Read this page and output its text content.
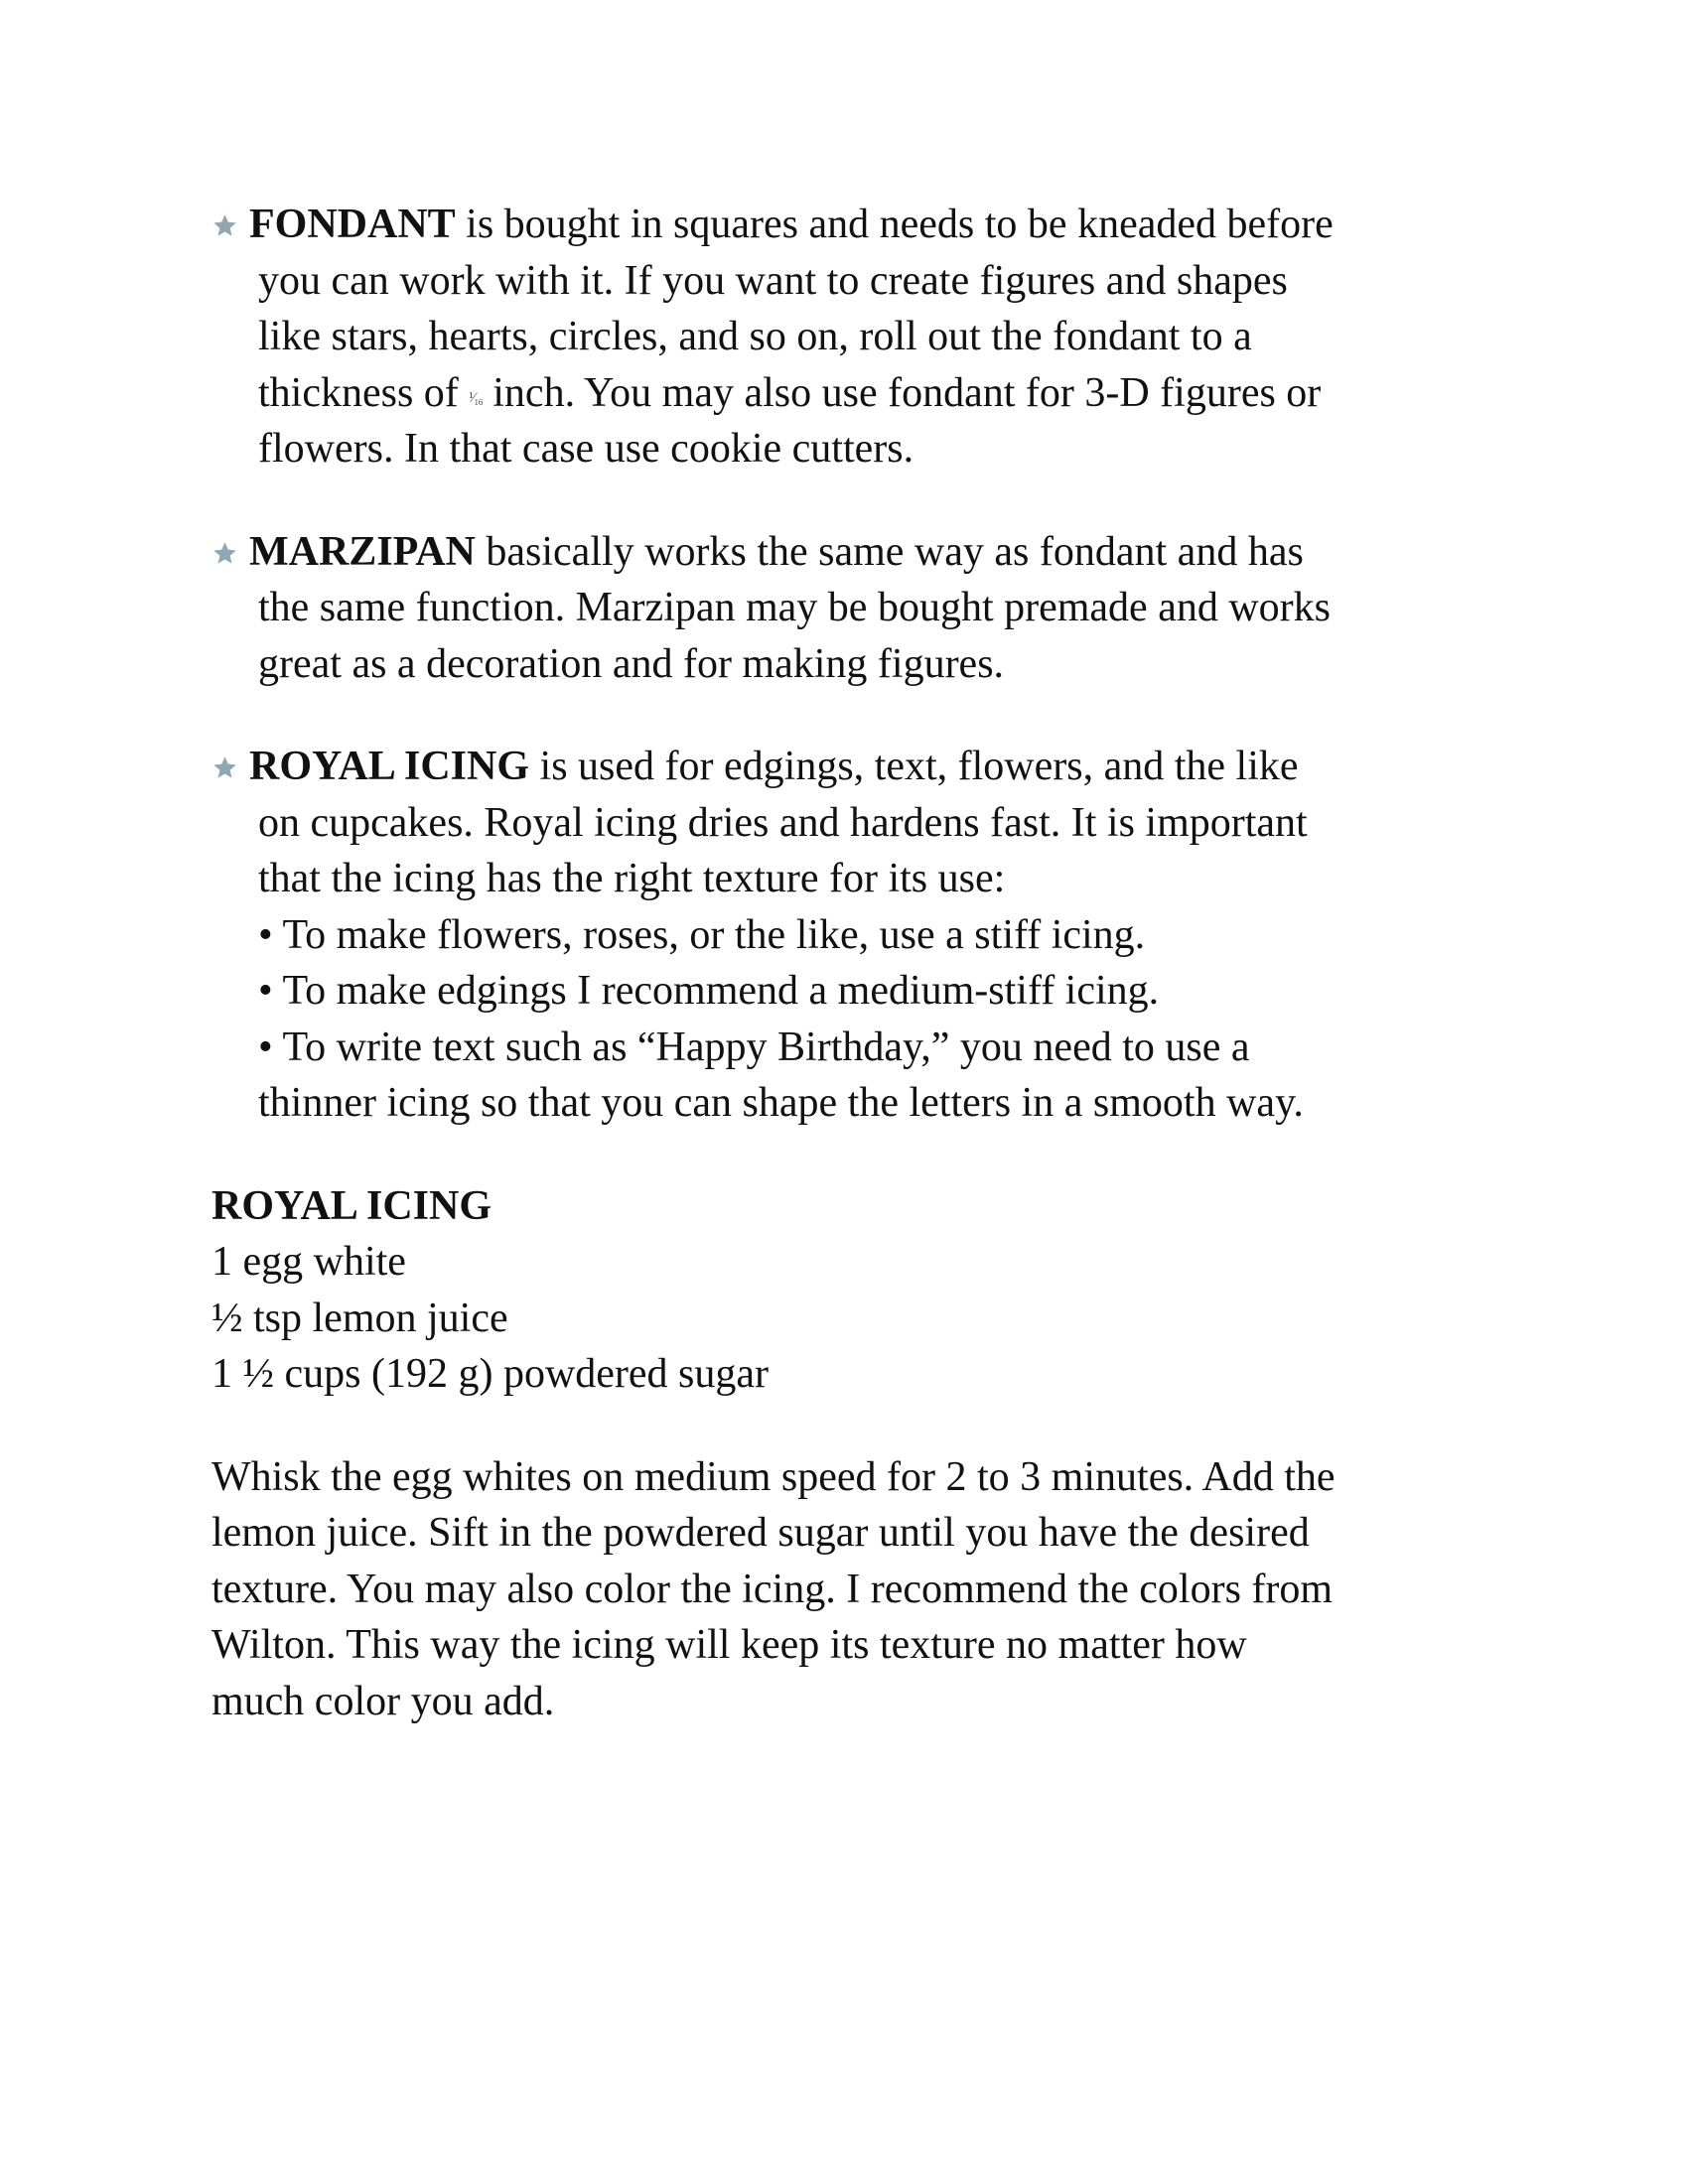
FONDANT is bought in squares and needs to be kneaded before
you can work with it. If you want to create figures and shapes
like stars, hearts, circles, and so on, roll out the fondant to a
thickness of ¹⁄₁₆ inch. You may also use fondant for 3-D figures or
flowers. In that case use cookie cutters.
MARZIPAN basically works the same way as fondant and has
the same function. Marzipan may be bought premade and works
great as a decoration and for making figures.
ROYAL ICING is used for edgings, text, flowers, and the like
on cupcakes. Royal icing dries and hardens fast. It is important
that the icing has the right texture for its use:
• To make flowers, roses, or the like, use a stiff icing.
• To make edgings I recommend a medium-stiff icing.
• To write text such as “Happy Birthday,” you need to use a
thinner icing so that you can shape the letters in a smooth way.
ROYAL ICING
1 egg white
½ tsp lemon juice
1 ½ cups (192 g) powdered sugar
Whisk the egg whites on medium speed for 2 to 3 minutes. Add the
lemon juice. Sift in the powdered sugar until you have the desired
texture. You may also color the icing. I recommend the colors from
Wilton. This way the icing will keep its texture no matter how
much color you add.
